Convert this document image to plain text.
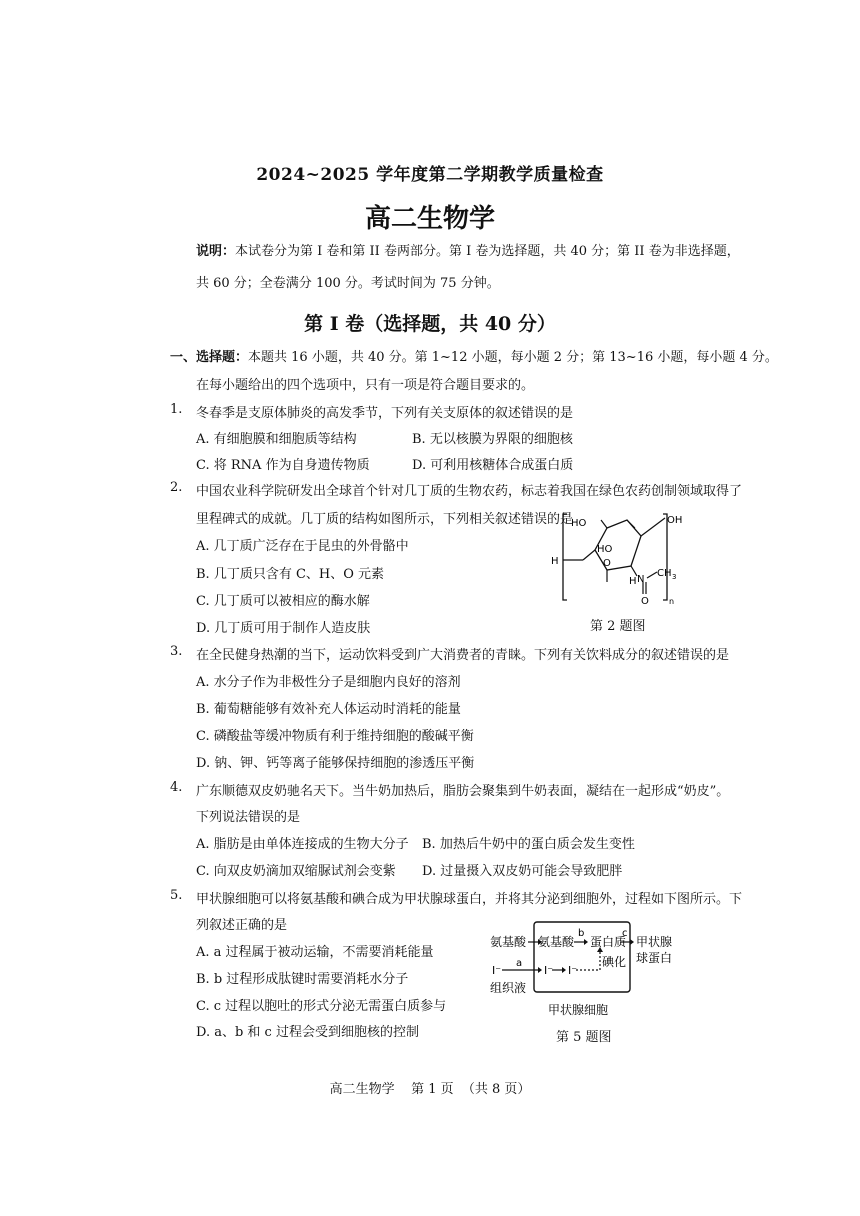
2024~2025 学年度第二学期教学质量检查
高二生物学
说明：本试卷分为第 I 卷和第 II 卷两部分。第 I 卷为选择题，共 40 分；第 II 卷为非选择题，
共 60 分；全卷满分 100 分。考试时间为 75 分钟。
第 I 卷（选择题，共 40 分）
一、选择题：本题共 16 小题，共 40 分。第 1~12 小题，每小题 2 分；第 13~16 小题，每小题 4 分。
在每小题给出的四个选项中，只有一项是符合题目要求的。
1. 冬春季是支原体肺炎的高发季节，下列有关支原体的叙述错误的是
A. 有细胞膜和细胞质等结构	B. 无以核膜为界限的细胞核
C. 将 RNA 作为自身遗传物质	D. 可利用核糖体合成蛋白质
2. 中国农业科学院研发出全球首个针对几丁质的生物农药，标志着我国在绿色农药创制领域取得了
里程碑式的成就。几丁质的结构如图所示，下列相关叙述错误的是
A. 几丁质广泛存在于昆虫的外骨骼中
B. 几丁质只含有 C、H、O 元素
C. 几丁质可以被相应的酶水解
D. 几丁质可用于制作人造皮肤
HO	OH
HO
H	O
H N
CH 3
O	n
第 2 题图
3. 在全民健身热潮的当下，运动饮料受到广大消费者的青睐。下列有关饮料成分的叙述错误的是
A. 水分子作为非极性分子是细胞内良好的溶剂
B. 葡萄糖能够有效补充人体运动时消耗的能量
C. 磷酸盐等缓冲物质有利于维持细胞的酸碱平衡
D. 钠、钾、钙等离子能够保持细胞的渗透压平衡
4. 广东顺德双皮奶驰名天下。当牛奶加热后，脂肪会聚集到牛奶表面，凝结在一起形成“奶皮”。
下列说法错误的是
A. 脂肪是由单体连接成的生物大分子 B. 加热后牛奶中的蛋白质会发生变性
C. 向双皮奶滴加双缩脲试剂会变紫 D. 过量摄入双皮奶可能会导致肥胖
5. 甲状腺细胞可以将氨基酸和碘合成为甲状腺球蛋白，并将其分泌到细胞外，过程如下图所示。下
列叙述正确的是
A. a 过程属于被动运输，不需要消耗能量
B. b 过程形成肽键时需要消耗水分子
C. c 过程以胞吐的形式分泌无需蛋白质参与
D. a、b 和 c 过程会受到细胞核的控制
氨基酸 氨基酸
b
蛋白质
c
甲状腺
球蛋白
I⁻
a
I⁻ I⁻
碘化
组织液
甲状腺细胞
第 5 题图
高二生物学    第 1 页  （共 8 页）
